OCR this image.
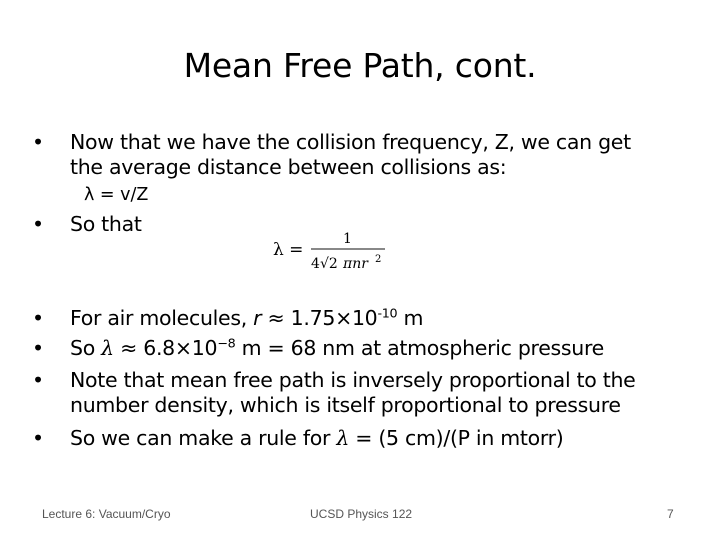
Mean Free Path, cont.
• Now that we have the collision frequency, Z, we can get
the average distance between collisions as:
λ = v/Z
• So that
λ =
1
4 √2 πnr 2
• For air molecules, $r \approx 1.75\times 10^{-10}$ m
• So $\lambda \approx 6.8\times 10^{-8}$ m = 68 nm at atmospheric pressure
• Note that mean free path is inversely proportional to the
number density, which is itself proportional to pressure
• So we can make a rule for λ = (5 cm)/(P in mtorr)
Lecture 6: Vacuum/Cryo	UCSD Physics 122	7
